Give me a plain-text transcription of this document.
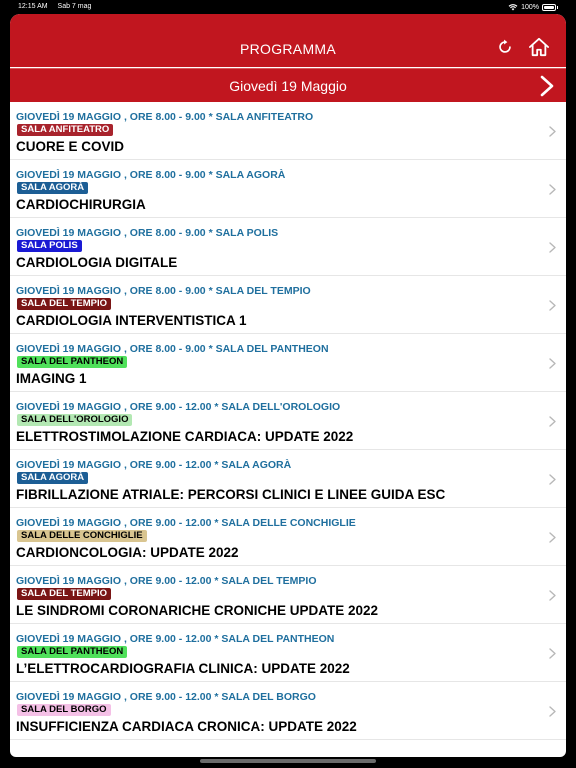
12:15 AM Sab 7 mag	100%
PROGRAMMA
Giovedì 19 Maggio
GIOVEDÌ 19 MAGGIO , ORE 8.00 - 9.00 * SALA ANFITEATRO
SALA ANFITEATRO
CUORE E COVID
GIOVEDÌ 19 MAGGIO , ORE 8.00 - 9.00 * SALA AGORÀ
SALA AGORÀ
CARDIOCHIRURGIA
GIOVEDÌ 19 MAGGIO , ORE 8.00 - 9.00 * SALA POLIS
SALA POLIS
CARDIOLOGIA DIGITALE
GIOVEDÌ 19 MAGGIO , ORE 8.00 - 9.00 * SALA DEL TEMPIO
SALA DEL TEMPIO
CARDIOLOGIA INTERVENTISTICA 1
GIOVEDÌ 19 MAGGIO , ORE 8.00 - 9.00 * SALA DEL PANTHEON
SALA DEL PANTHEON
IMAGING 1
GIOVEDÌ 19 MAGGIO , ORE 9.00 - 12.00 * SALA DELL'OROLOGIO
SALA DELL'OROLOGIO
ELETTROSTIMOLAZIONE CARDIACA: UPDATE 2022
GIOVEDÌ 19 MAGGIO , ORE 9.00 - 12.00 * SALA AGORÀ
SALA AGORÀ
FIBRILLAZIONE ATRIALE: PERCORSI CLINICI E LINEE GUIDA ESC
GIOVEDÌ 19 MAGGIO , ORE 9.00 - 12.00 * SALA DELLE CONCHIGLIE
SALA DELLE CONCHIGLIE
CARDIONCOLOGIA: UPDATE 2022
GIOVEDÌ 19 MAGGIO , ORE 9.00 - 12.00 * SALA DEL TEMPIO
SALA DEL TEMPIO
LE SINDROMI CORONARICHE CRONICHE UPDATE 2022
GIOVEDÌ 19 MAGGIO , ORE 9.00 - 12.00 * SALA DEL PANTHEON
SALA DEL PANTHEON
L’ELETTROCARDIOGRAFIA CLINICA: UPDATE 2022
GIOVEDÌ 19 MAGGIO , ORE 9.00 - 12.00 * SALA DEL BORGO
SALA DEL BORGO
INSUFFICIENZA CARDIACA CRONICA: UPDATE 2022
